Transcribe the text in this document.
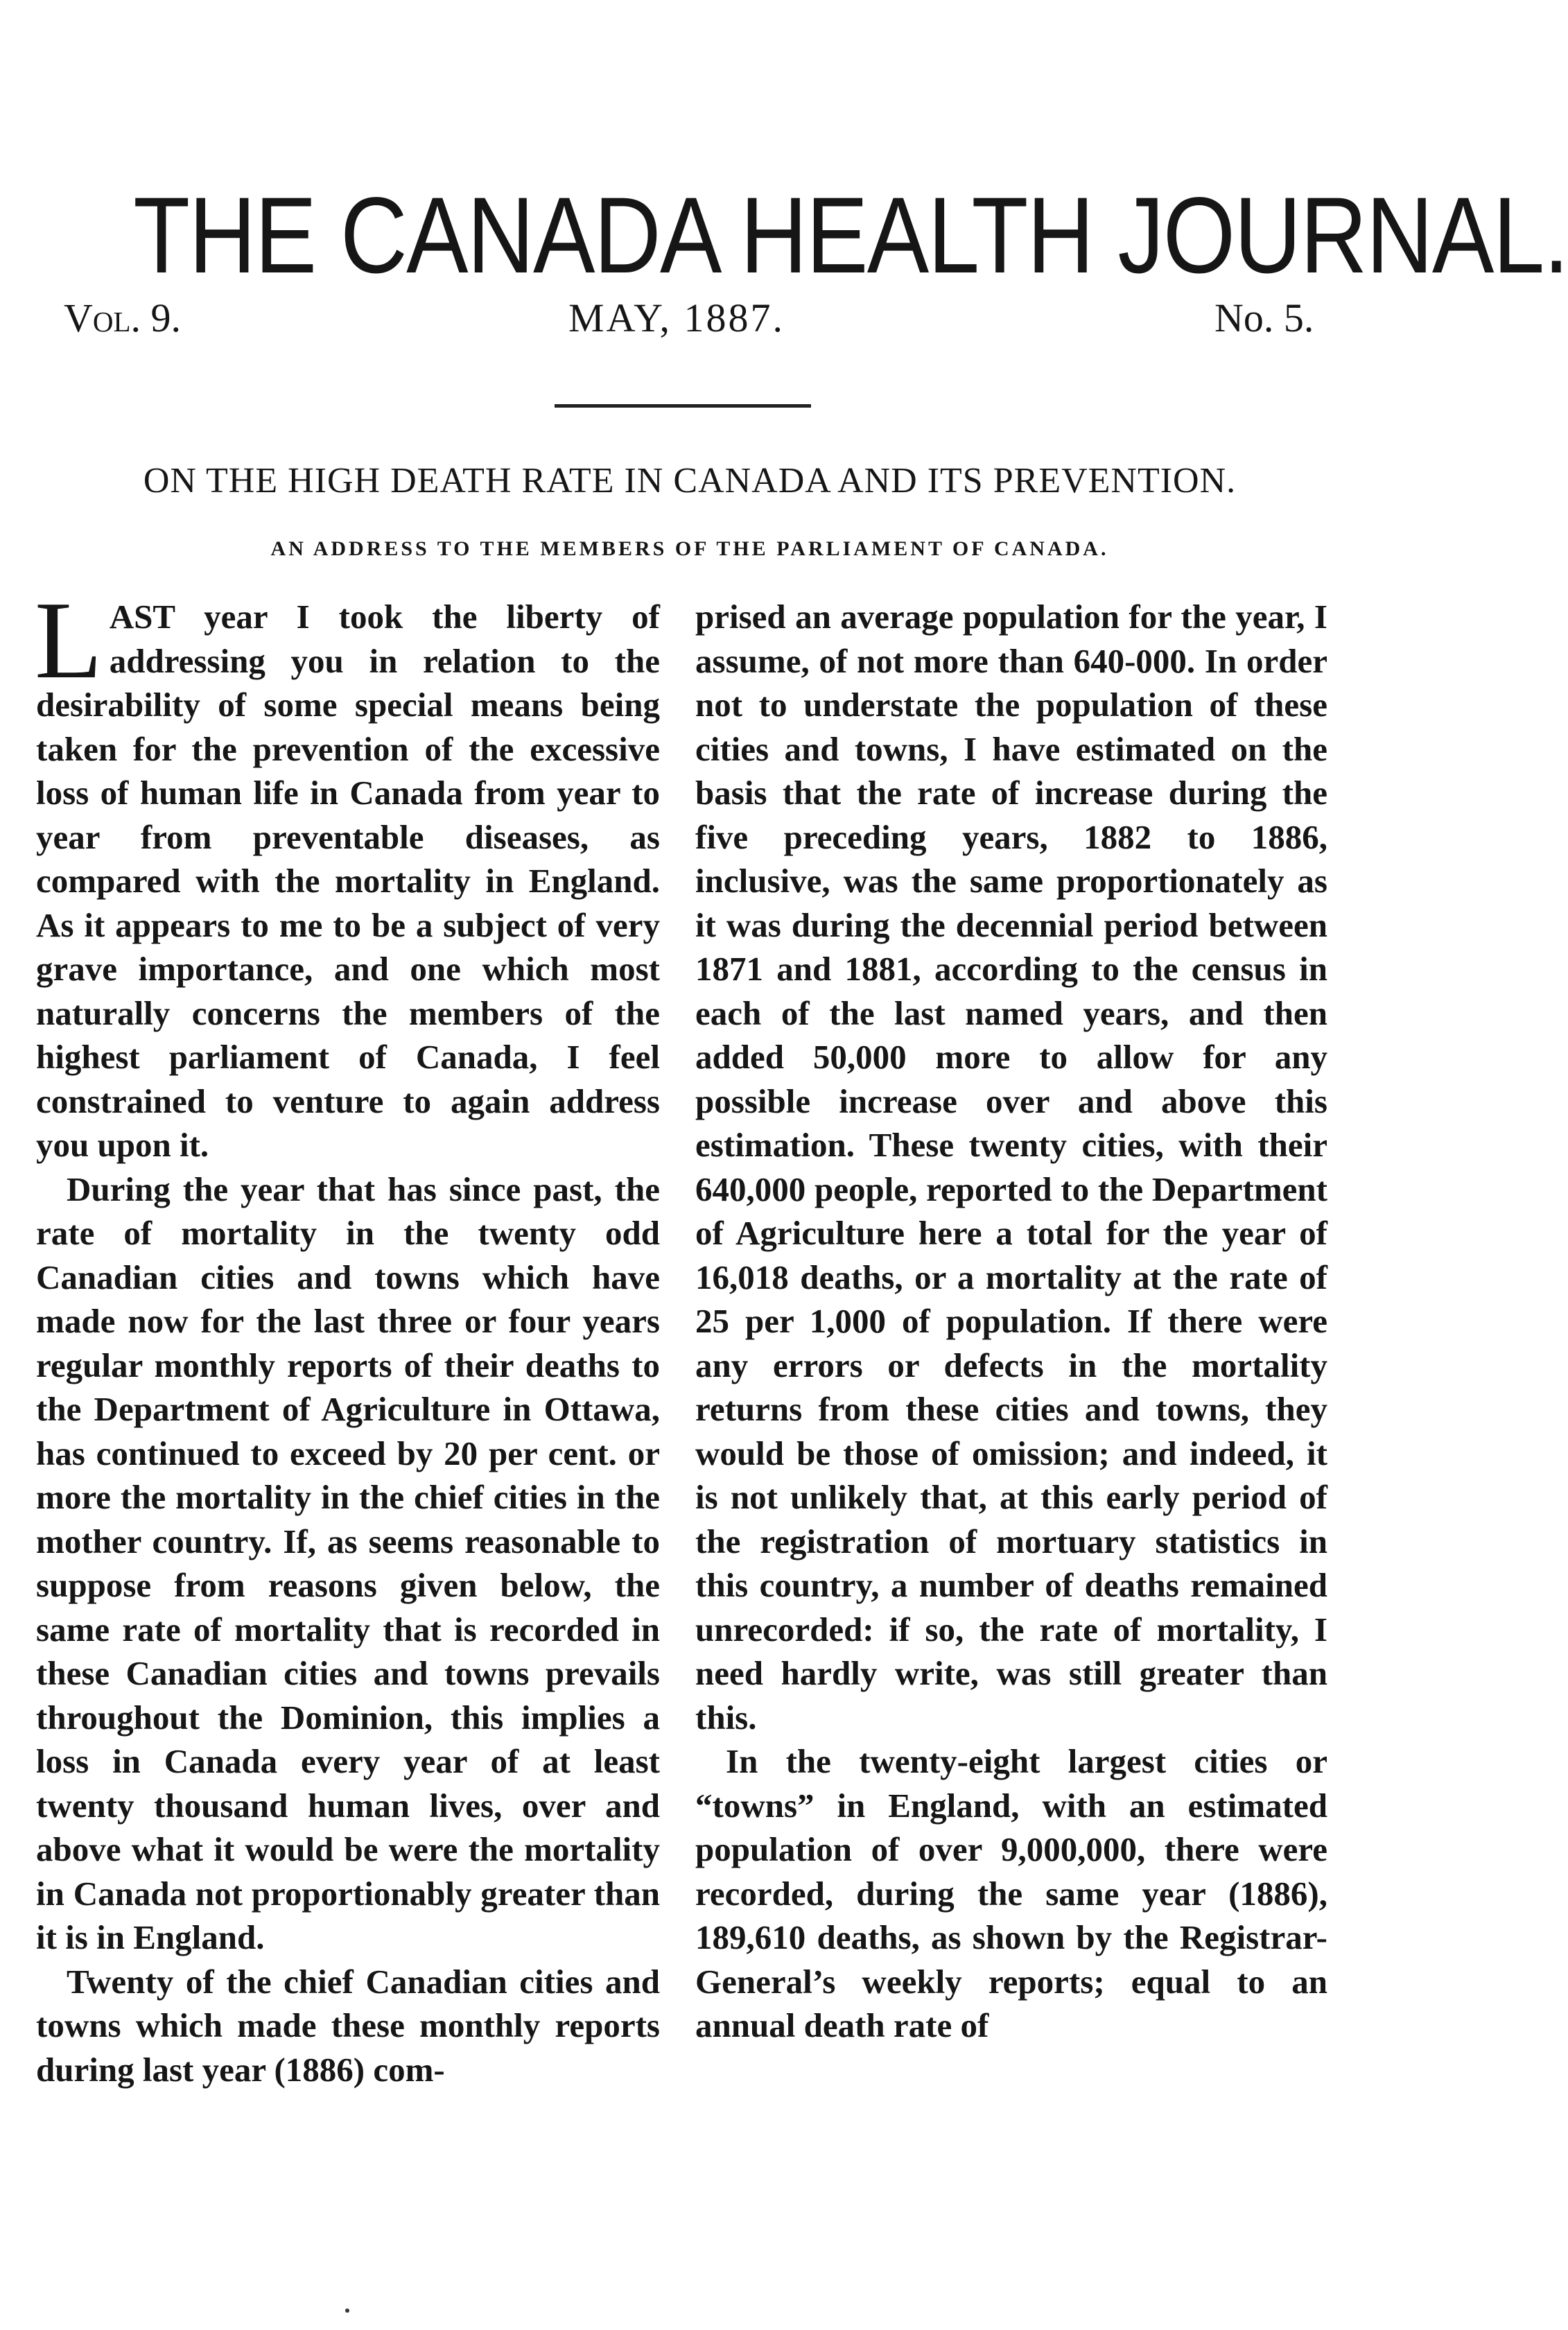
THE CANADA HEALTH JOURNAL.
Vol. 9.	MAY, 1887.	No. 5.
ON THE HIGH DEATH RATE IN CANADA AND ITS PREVENTION.
AN ADDRESS TO THE MEMBERS OF THE PARLIAMENT OF CANADA.

LAST year I took the liberty of addressing you in relation to the desirability of some special means being taken for the prevention of the excessive loss of human life in Canada from year to year from preventable diseases, as compared with the mortality in England. As it appears to me to be a subject of very grave importance, and one which most naturally concerns the members of the highest parliament of Canada, I feel constrained to venture to again address you upon it.

During the year that has since past, the rate of mortality in the twenty odd Canadian cities and towns which have made now for the last three or four years regular monthly reports of their deaths to the Department of Agriculture in Ottawa, has continued to exceed by 20 per cent. or more the mortality in the chief cities in the mother country. If, as seems reasonable to suppose from reasons given below, the same rate of mortality that is recorded in these Canadian cities and towns prevails throughout the Dominion, this implies a loss in Canada every year of at least twenty thousand human lives, over and above what it would be were the mortality in Canada not proportionably greater than it is in England.

Twenty of the chief Canadian cities and towns which made these monthly reports during last year (1886) com-

prised an average population for the year, I assume, of not more than 640-000. In order not to understate the population of these cities and towns, I have estimated on the basis that the rate of increase during the five preceding years, 1882 to 1886, inclusive, was the same proportionately as it was during the decennial period between 1871 and 1881, according to the census in each of the last named years, and then added 50,000 more to allow for any possible increase over and above this estimation. These twenty cities, with their 640,000 people, reported to the Department of Agriculture here a total for the year of 16,018 deaths, or a mortality at the rate of 25 per 1,000 of population. If there were any errors or defects in the mortality returns from these cities and towns, they would be those of omission; and indeed, it is not unlikely that, at this early period of the registration of mortuary statistics in this country, a number of deaths remained unrecorded: if so, the rate of mortality, I need hardly write, was still greater than this.

In the twenty-eight largest cities or “towns” in England, with an estimated population of over 9,000,000, there were recorded, during the same year (1886), 189,610 deaths, as shown by the Registrar-General’s weekly reports; equal to an annual death rate of
